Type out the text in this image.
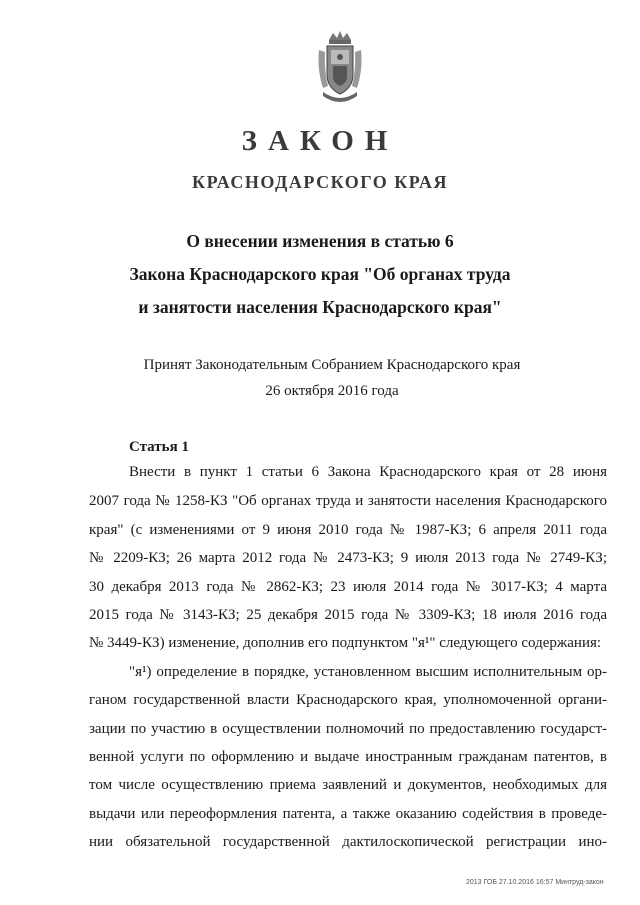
ЗАКОН
КРАСНОДАРСКОГО КРАЯ
О внесении изменения в статью 6
Закона Краснодарского края "Об органах труда
и занятости населения Краснодарского края"
Принят Законодательным Собранием Краснодарского края
26 октября 2016 года
Статья 1
Внести в пункт 1 статьи 6 Закона Краснодарского края от 28 июня
2007 года № 1258-КЗ "Об органах труда и занятости населения Краснодарского
края" (с изменениями от 9 июня 2010 года № 1987-КЗ; 6 апреля 2011 года
№ 2209-КЗ; 26 марта 2012 года № 2473-КЗ; 9 июля 2013 года № 2749-КЗ;
30 декабря 2013 года № 2862-КЗ; 23 июля 2014 года № 3017-КЗ; 4 марта
2015 года № 3143-КЗ; 25 декабря 2015 года № 3309-КЗ; 18 июля 2016 года
№ 3449-КЗ) изменение, дополнив его подпунктом "я¹" следующего содержания:
"я¹) определение в порядке, установленном высшим исполнительным ор-
ганом государственной власти Краснодарского края, уполномоченной органи-
зации по участию в осуществлении полномочий по предоставлению государст-
венной услуги по оформлению и выдаче иностранным гражданам патентов, в
том числе осуществлению приема заявлений и документов, необходимых для
выдачи или переоформления патента, а также оказанию содействия в проведе-
нии обязательной государственной дактилоскопической регистрации ино-
2013 ГОБ 27.10.2016 16:57 Минтруд-закон
